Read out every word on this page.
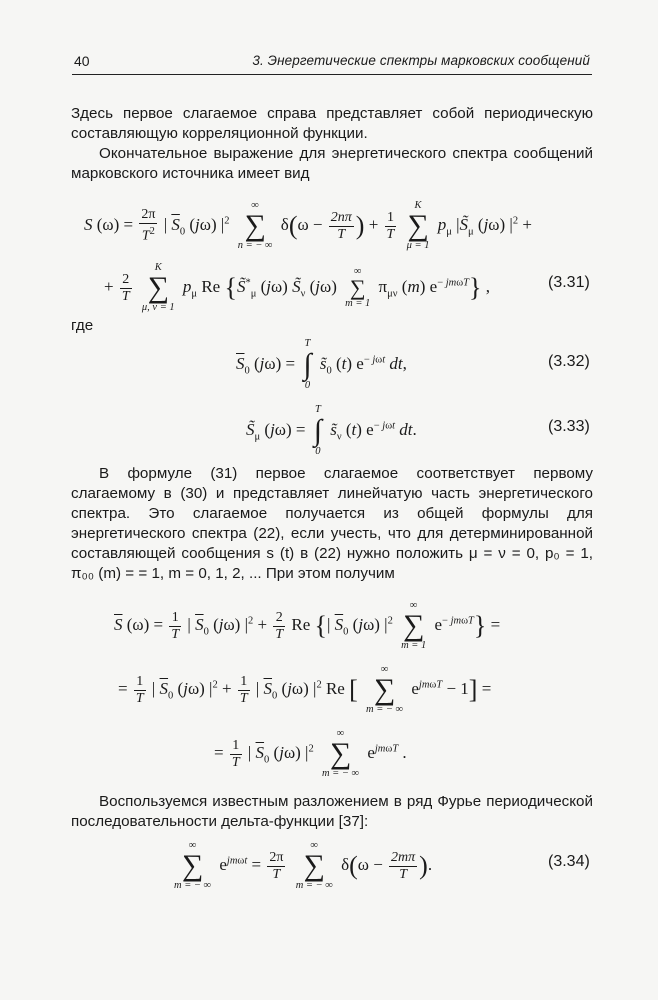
40	3. Энергетические спектры марковских сообщений

Здесь первое слагаемое справа представляет собой периодическую составляющую корреляционной функции.

Окончательное выражение для энергетического спектра сообщений марковского источника имеет вид

S $(\omega) = \frac{2\pi}{T^2}$ | $\overline{S}_0$ (jω) $|^2$
∞
∑
n = − ∞
$\delta(\omega - \frac{2n\pi}{T}$ ) + $\frac{1}{T}$

K
∑
μ = 1
$p_\mu$ $|S̃_\mu$ (jω) $|^2$ +
+ $\frac{2}{T}$

K
∑
μ, ν = 1
$p_\mu$ Re {$S̃^*_\mu$ (jω) $S̃_\nu$ (jω)
∞
∑
m = 1
$\pi_{\mu\nu}$ (m) $e^{- jm\omega T}$} ,	(3.31)

где

$\overline{S}_0$ (jω) =
T
∫
0
$s̃_0$ (t) $e^{- j\omega t}$ dt,	(3.32)
$S̃_\mu$ (jω) =
T
∫
0
$s̃_\nu$ (t) $e^{- j\omega t}$ dt.	(3.33)

В формуле (31) первое слагаемое соответствует первому слагаемому в (30) и представляет линейчатую часть энергетического спектра. Это слагаемое получается из общей формулы для энергетического спектра (22), если учесть, что для детерминированной составляющей сообщения s (t) в (22) нужно положить μ = ν = 0, p₀ = 1, π₀₀ (m) = = 1, m = 0, 1, 2, ... При этом получим

$\overline{S}$ $(\omega) = \frac{1}{T}$ | $\overline{S}_0$ (jω) $|^2 + \frac{2}{T}$ Re {| $\overline{S}_0$ (jω) $|^2$
∞
∑
m = 1
$e^{- jm\omega T}$} =
= $\frac{1}{T}$ | $\overline{S}_0$ (jω) $|^2 + \frac{1}{T}$ | $\overline{S}_0$ (jω) $|^2$ Re [
∞
∑
m = − ∞
$e^{jm\omega T} - 1$] =
= $\frac{1}{T}$ | $\overline{S}_0$ (jω) $|^2$
∞
∑
m = − ∞
$e^{jm\omega T}$ .

Воспользуемся известным разложением в ряд Фурье периодической последовательности дельта-функции [37]:

∞
∑
m = − ∞
$e^{jm\omega t} = \frac{2\pi}{T}$

∞
∑
m = − ∞
$\delta(\omega - \frac{2m\pi}{T}$ ).	(3.34)
